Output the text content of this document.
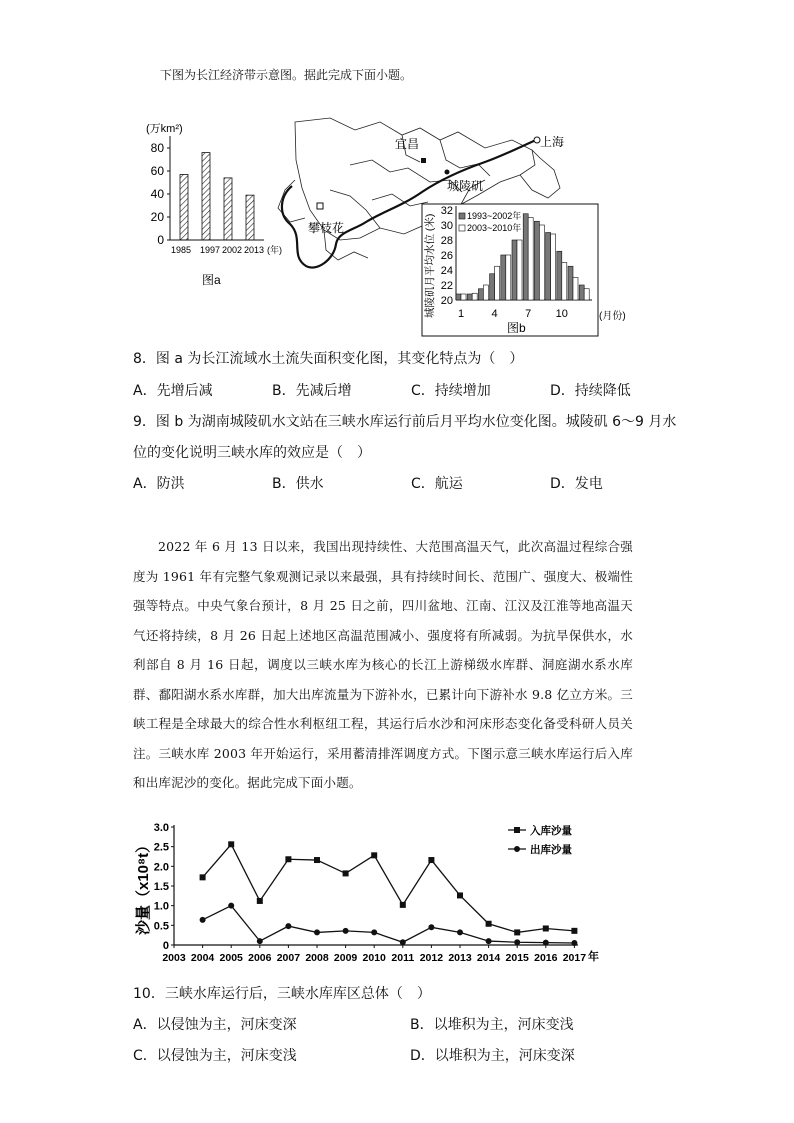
下图为长江经济带示意图。据此完成下面小题。
上海
宜昌
城陵矶
攀枝花
(万km²)
80
60
40
20
0
1985 1997 2002 2013 (年)
图a	城陵矶月平均水位 (米)
32
30
28
26
24
22
20
1 4 7 10
1993~2002年
2003~2010年
(月份)
图b
8．图 a 为长江流域水土流失面积变化图，其变化特点为（　）
A．先增后减	B．先减后增	C．持续增加	D．持续降低
9．图 b 为湖南城陵矶水文站在三峡水库运行前后月平均水位变化图。城陵矶 6～9 月水
位的变化说明三峡水库的效应是（　）
A．防洪	B．供水	C．航运	D．发电

2022 年 6 月 13 日以来，我国出现持续性、大范围高温天气，此次高温过程综合强度为 1961 年有完整气象观测记录以来最强，具有持续时间长、范围广、强度大、极端性强等特点。中央气象台预计，8 月 25 日之前，四川盆地、江南、江汉及江淮等地高温天气还将持续，8 月 26 日起上述地区高温范围减小、强度将有所减弱。为抗旱保供水，水利部自 8 月 16 日起，调度以三峡水库为核心的长江上游梯级水库群、洞庭湖水系水库群、鄱阳湖水系水库群，加大出库流量为下游补水，已累计向下游补水 9.8 亿立方米。三峡工程是全球最大的综合性水利枢纽工程，其运行后水沙和河床形态变化备受科研人员关注。三峡水库 2003 年开始运行，采用蓄清排浑调度方式。下图示意三峡水库运行后入库和出库泥沙的变化。据此完成下面小题。

沙量（x10⁸t）
3.0
2.5
2.0
1.5
1.0
0.5
0
2003 2004 2005 2006 2007 2008 2009 2010 2011 2012 2013 2014 2015 2016 2017 年
入库沙量
出库沙量
10．三峡水库运行后，三峡水库库区总体（　）
A．以侵蚀为主，河床变深	B．以堆积为主，河床变浅
C．以侵蚀为主，河床变浅	D．以堆积为主，河床变深
